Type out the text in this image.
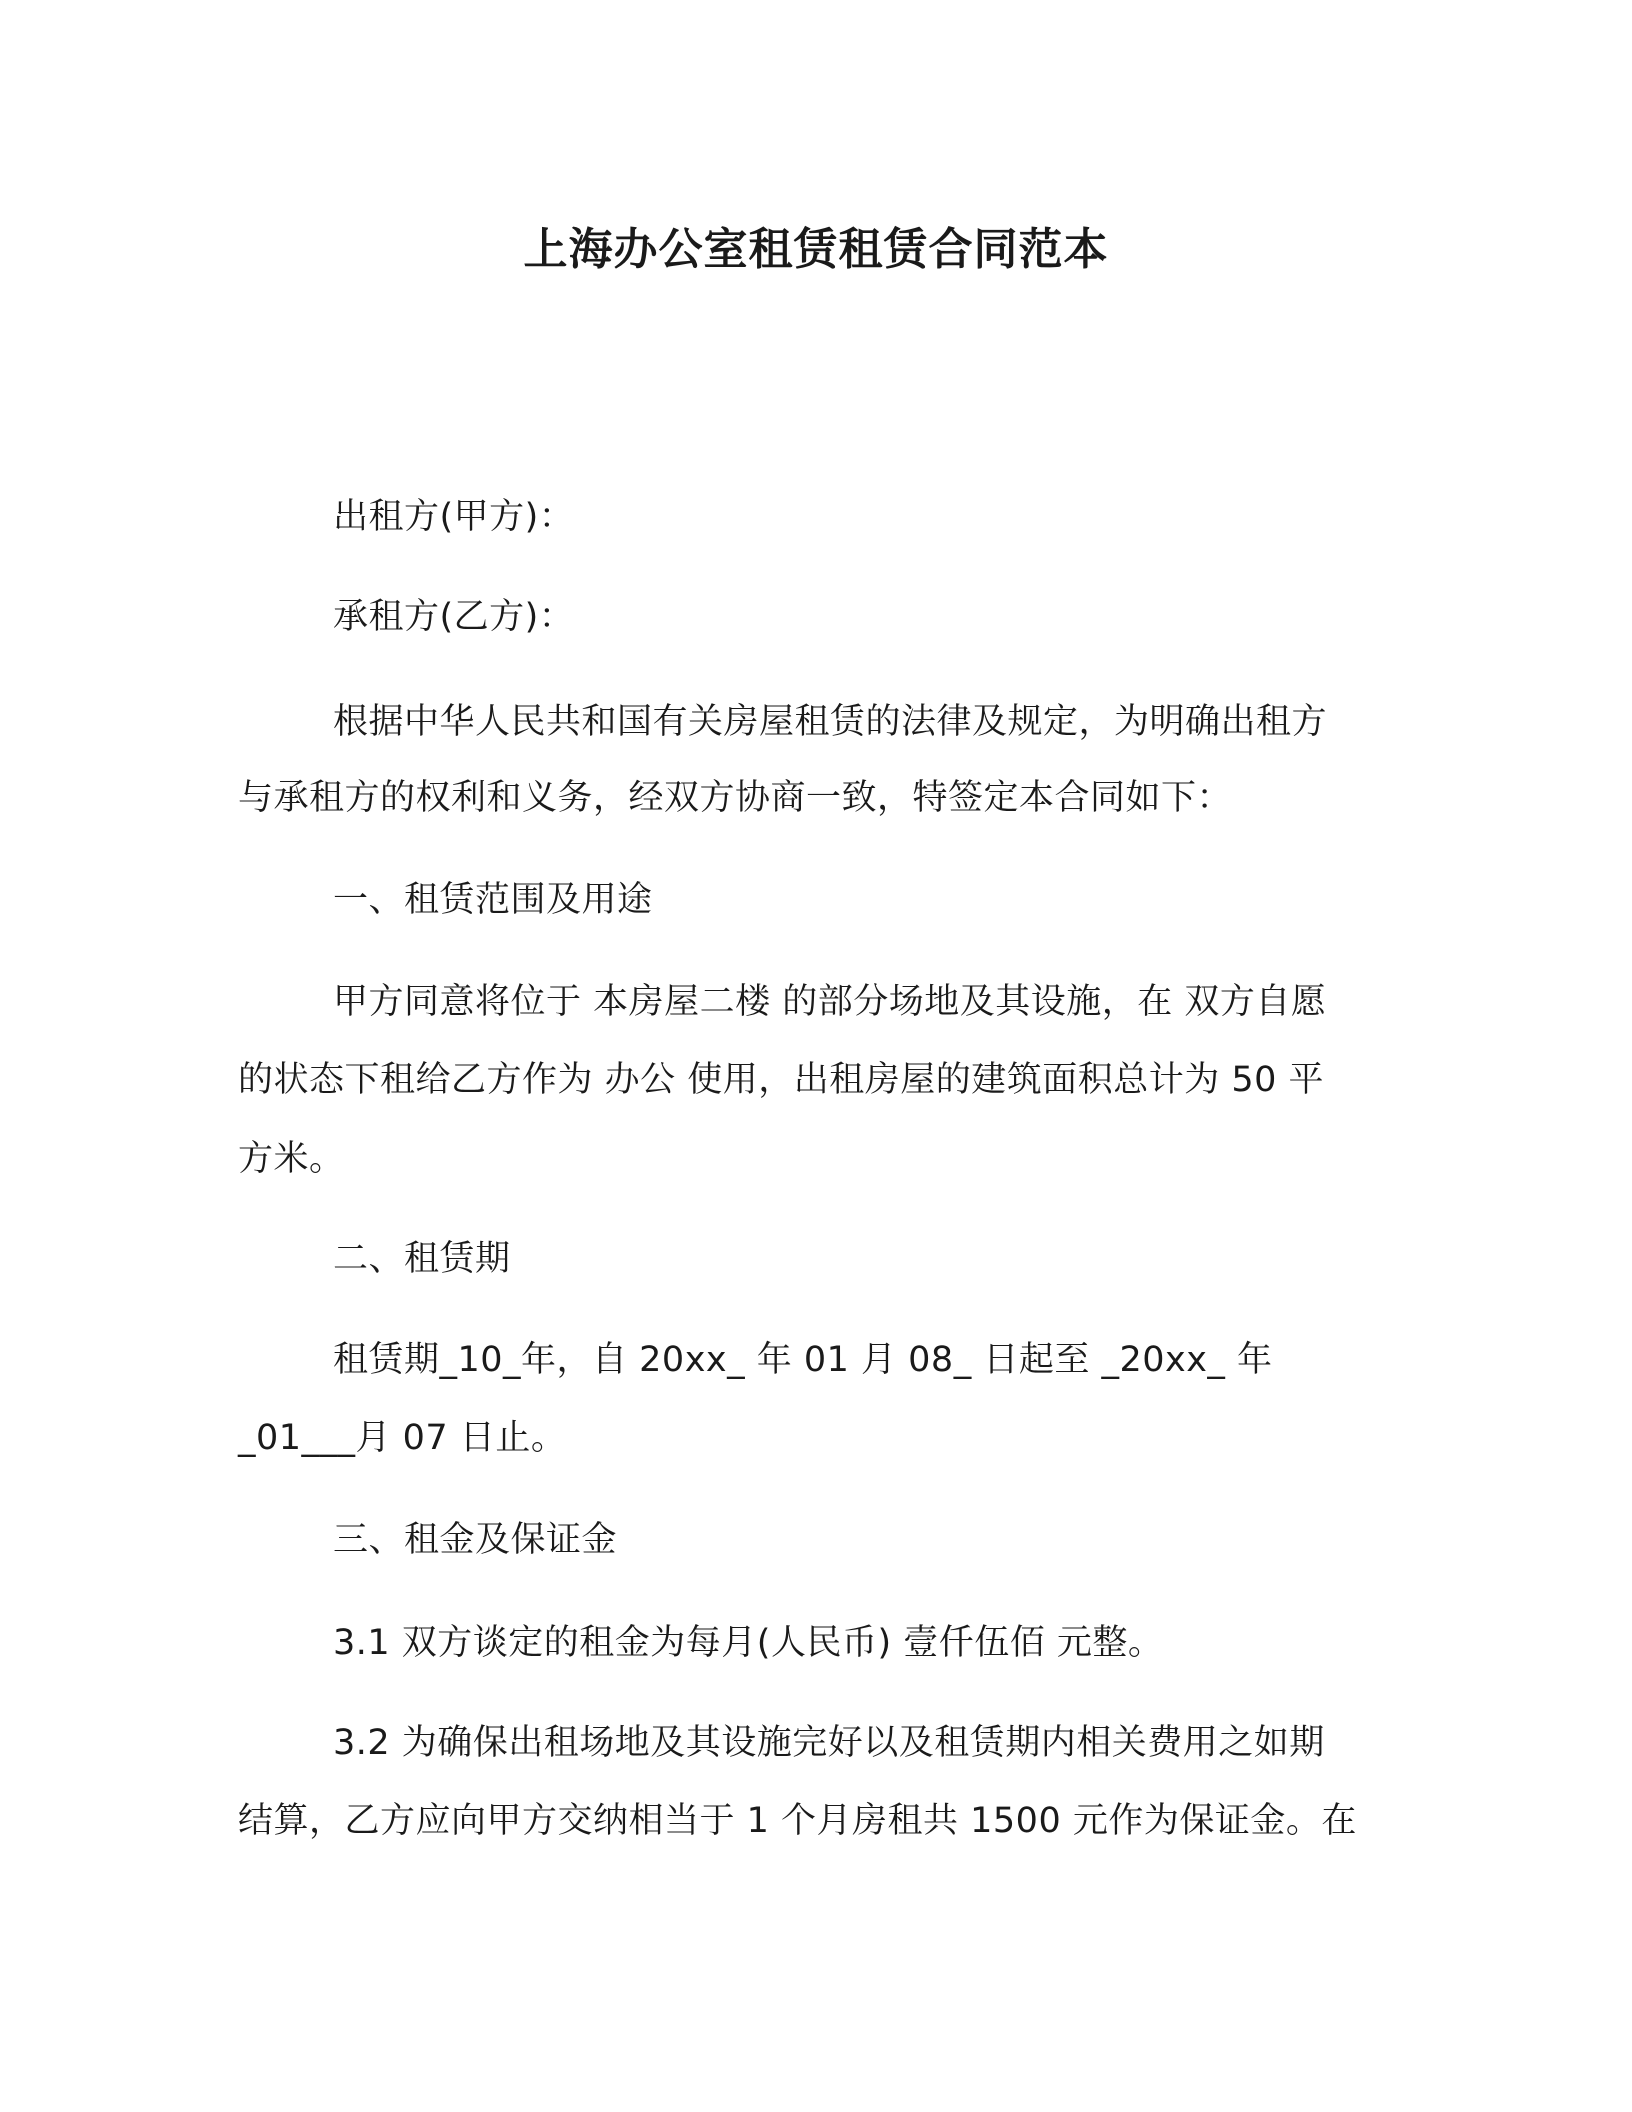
上海办公室租赁租赁合同范本
出租方(甲方)：
承租方(乙方)：
根据中华人民共和国有关房屋租赁的法律及规定，为明确出租方
与承租方的权利和义务，经双方协商一致，特签定本合同如下：
一、租赁范围及用途
甲方同意将位于 本房屋二楼 的部分场地及其设施，在 双方自愿
的状态下租给乙方作为 办公 使用，出租房屋的建筑面积总计为 50 平
方米。
二、租赁期
租赁期_10_年，自 20xx_ 年 01 月 08_ 日起至 _20xx_ 年
_01___月 07 日止。
三、租金及保证金
3.1 双方谈定的租金为每月(人民币) 壹仟伍佰 元整。
3.2 为确保出租场地及其设施完好以及租赁期内相关费用之如期
结算，乙方应向甲方交纳相当于 1 个月房租共 1500 元作为保证金。在
